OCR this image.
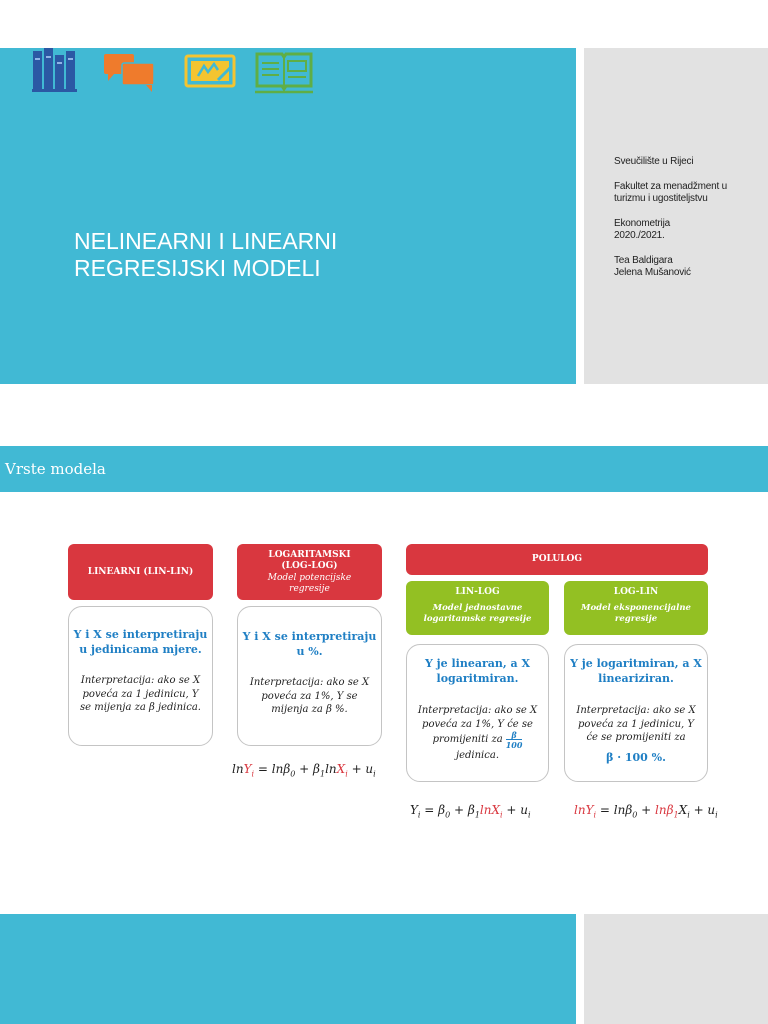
NELINEARNI I LINEARNI
REGRESIJSKI MODELI

Sveučilište u Rijeci

Fakultet za menadžment u
turizmu i ugostiteljstvu

Ekonometrija
2020./2021.

Tea Baldigara
Jelena Mušanović

Vrste modela
LINEARNI (LIN-LIN)
Y i X se interpretiraju
u jedinicama mjere.
Interpretacija: ako se X
poveća za 1 jedinicu, Y
se mijenja za β jedinica.
LOGARITAMSKI
(LOG-LOG)
Model potencijske
regresije
Y i X se interpretiraju
u %.
Interpretacija: ako se X
poveća za 1%, Y se
mijenja za β %.
POLULOG
LIN-LOG
Model jednostavne
logaritamske regresije
Y je linearan, a X
logaritmiran.
Interpretacija: ako se X
poveća za 1%, Y će se
promijeniti za $\frac{\beta}{100}$
jedinica.
LOG-LIN
Model eksponencijalne
regresije
Y je logaritmiran, a X
lineariziran.
Interpretacija: ako se X
poveća za 1 jedinicu, Y
će se promijeniti za
β · 100 %.
$\ln Y_i = \ln\beta_0 + \beta_1\ln X_i + u_i$
$Y_i = \beta_0 + \beta_1\ln X_i + u_i$	$\ln Y_i = \ln\beta_0 + \ln\beta_1X_i + u_i$
